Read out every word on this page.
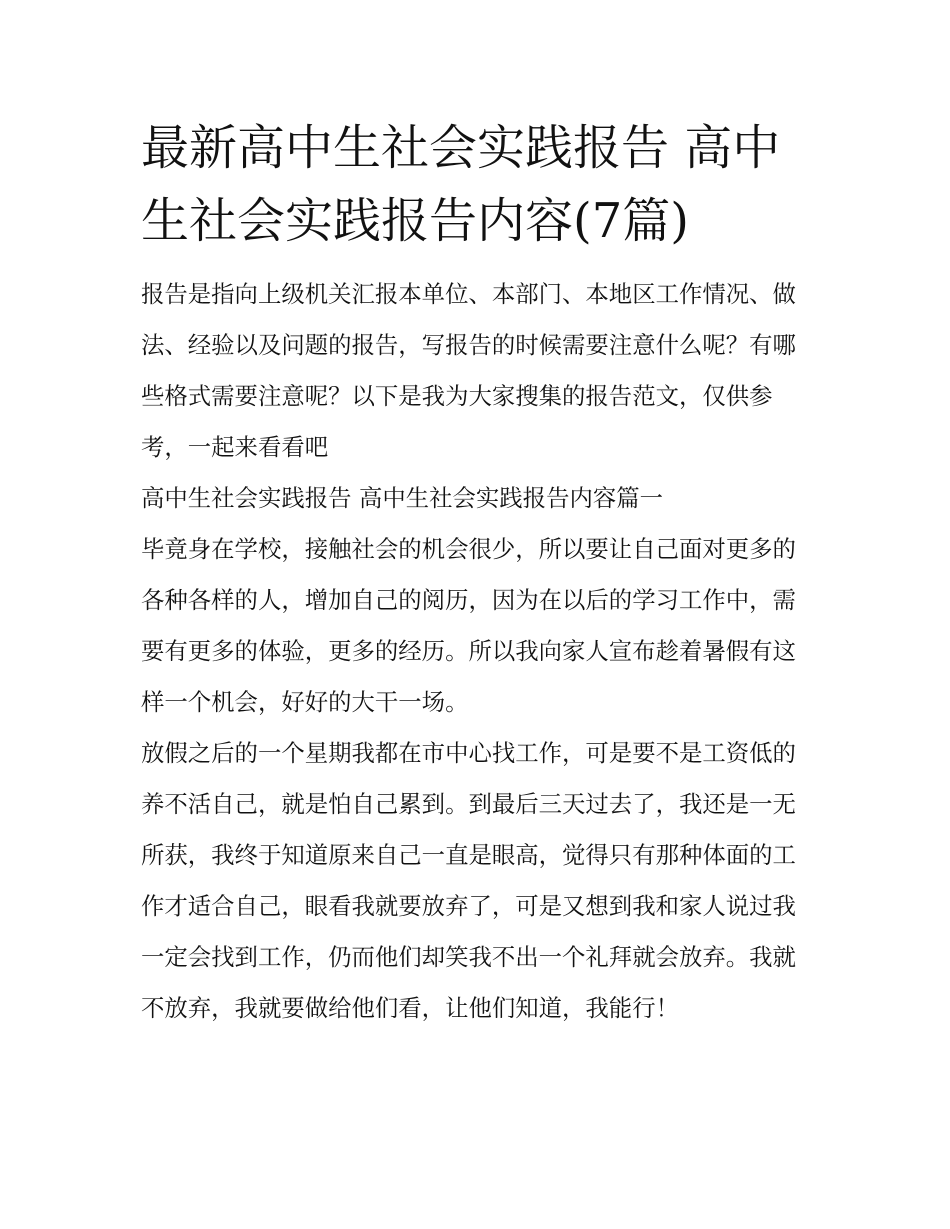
最新高中生社会实践报告 高中生社会实践报告内容(7篇)

报告是指向上级机关汇报本单位、本部门、本地区工作情况、做法、经验以及问题的报告，写报告的时候需要注意什么呢？有哪些格式需要注意呢？以下是我为大家搜集的报告范文，仅供参考，一起来看看吧

高中生社会实践报告 高中生社会实践报告内容篇一

毕竟身在学校，接触社会的机会很少，所以要让自己面对更多的各种各样的人，增加自己的阅历，因为在以后的学习工作中，需要有更多的体验，更多的经历。所以我向家人宣布趁着暑假有这样一个机会，好好的大干一场。

放假之后的一个星期我都在市中心找工作，可是要不是工资低的养不活自己，就是怕自己累到。到最后三天过去了，我还是一无所获，我终于知道原来自己一直是眼高，觉得只有那种体面的工作才适合自己，眼看我就要放弃了，可是又想到我和家人说过我一定会找到工作，仍而他们却笑我不出一个礼拜就会放弃。我就不放弃，我就要做给他们看，让他们知道，我能行！
